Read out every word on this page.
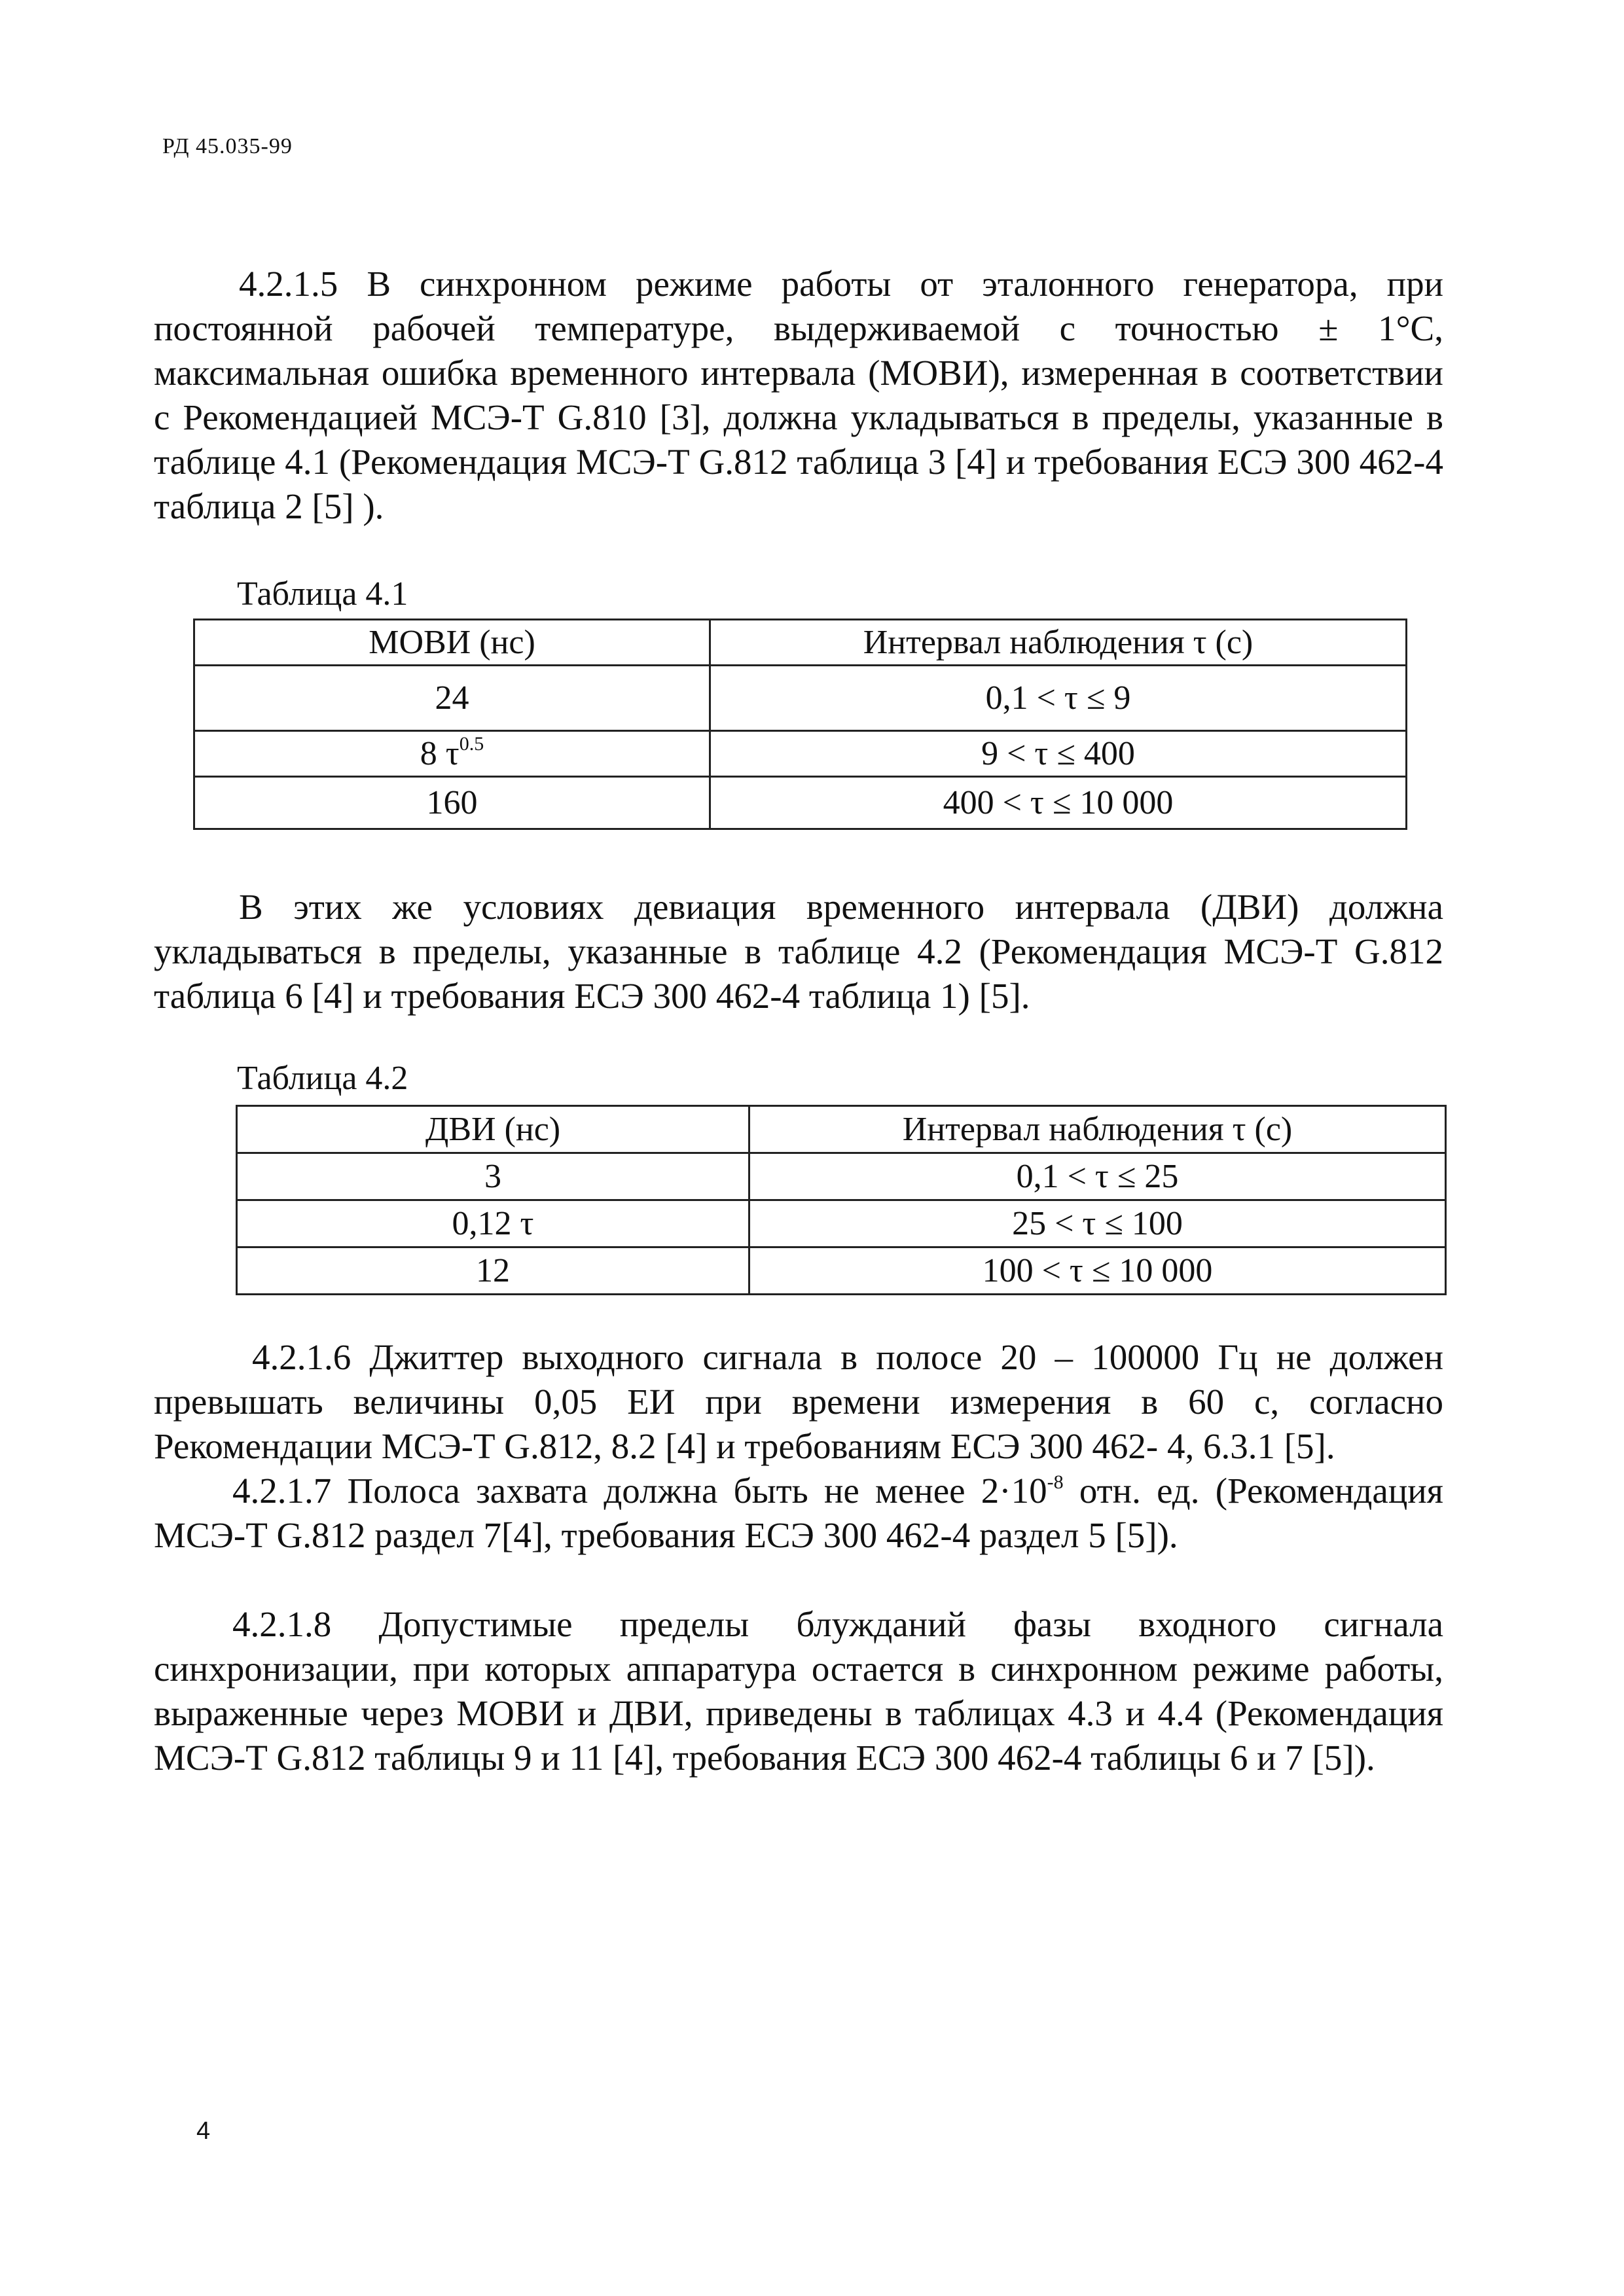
РД 45.035-99

4.2.1.5 В синхронном режиме работы от эталонного генератора, при постоянной рабочей температуре, выдерживаемой с точностью ± 1°С, максимальная ошибка временного интервала (МОВИ), измеренная в соответствии с Рекомендацией МСЭ-Т G.810 [3], должна укладываться в пределы, указанные в таблице 4.1 (Рекомендация МСЭ-Т G.812 таблица 3 [4] и требования ЕСЭ 300 462-4 таблица 2 [5] ).

Таблица 4.1
МОВИ (нс)	Интервал наблюдения τ (с)
24	0,1 < τ ≤ 9
8 $\tau^{0.5}$	9 < τ ≤ 400
160	400 < τ ≤ 10 000

В этих же условиях девиация временного интервала (ДВИ) должна укладываться в пределы, указанные в таблице 4.2 (Рекомендация МСЭ-Т G.812 таблица 6 [4] и требования ЕСЭ 300 462-4 таблица 1) [5].

Таблица 4.2
ДВИ (нс)	Интервал наблюдения τ (с)
3	0,1 < τ ≤ 25
0,12 τ	25 < τ ≤ 100
12	100 < τ ≤ 10 000

4.2.1.6 Джиттер выходного сигнала в полосе 20 – 100000 Гц не должен превышать величины 0,05 ЕИ при времени измерения в 60 с, согласно Рекомендации МСЭ-Т G.812, 8.2 [4] и требованиям ЕСЭ 300 462- 4, 6.3.1 [5].

4.2.1.7 Полоса захвата должна быть не менее $2\cdot 10^{-8}$ отн. ед. (Рекомендация МСЭ-Т G.812 раздел 7[4], требования ЕСЭ 300 462-4 раздел 5 [5]).

4.2.1.8 Допустимые пределы блужданий фазы входного сигнала синхронизации, при которых аппаратура остается в синхронном режиме работы, выраженные через МОВИ и ДВИ, приведены в таблицах 4.3 и 4.4 (Рекомендация МСЭ-Т G.812 таблицы 9 и 11 [4], требования ЕСЭ 300 462-4 таблицы 6 и 7 [5]).

4
